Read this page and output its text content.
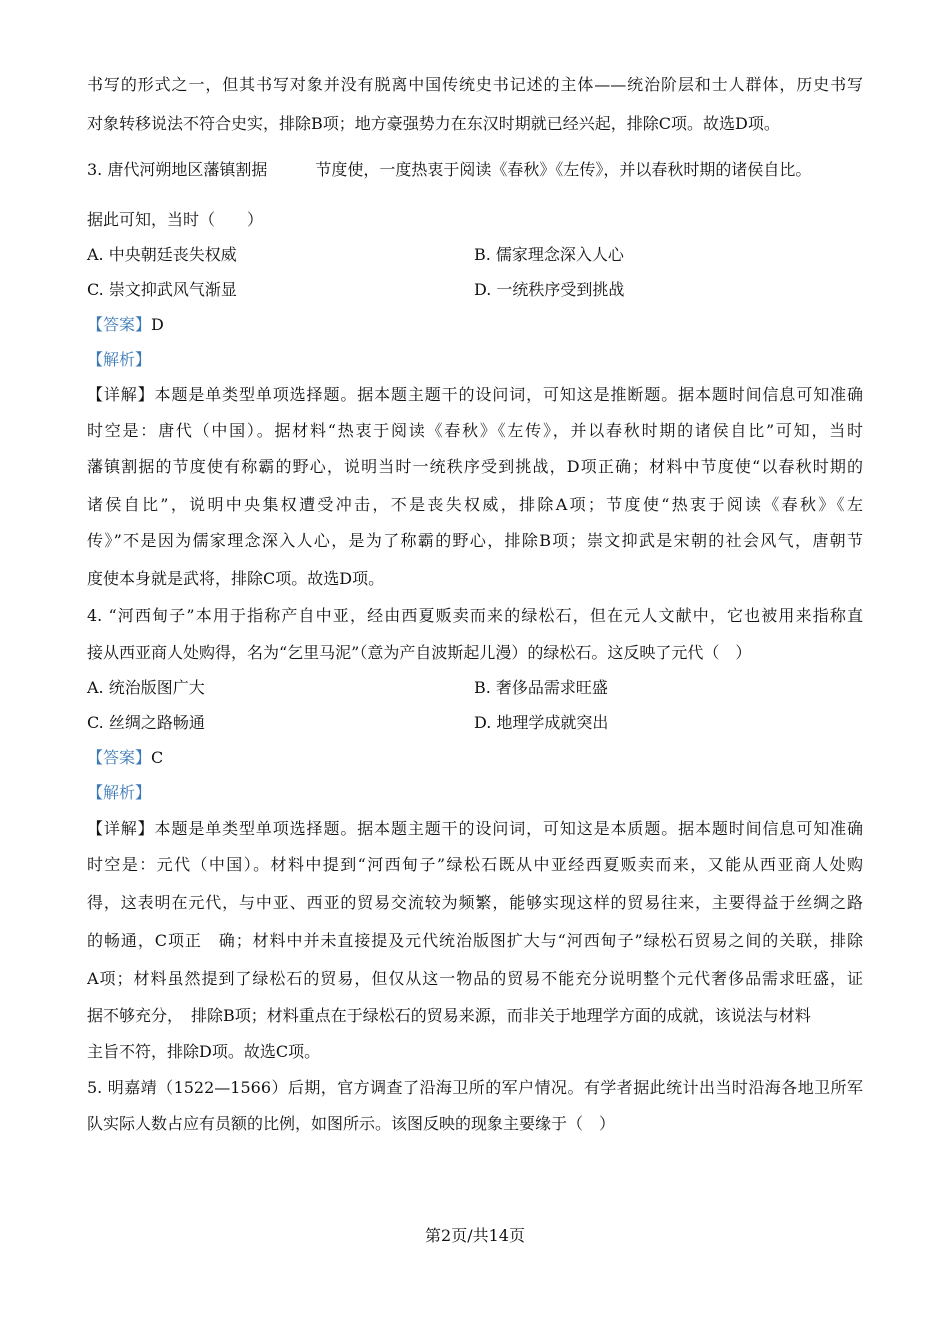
书写的形式之一，但其书写对象并没有脱离中国传统史书记述的主体——统治阶层和士人群体，历史书写
对象转移说法不符合史实，排除B项；地方豪强势力在东汉时期就已经兴起，排除C项。故选D项。
3. 唐代河朔地区藩镇割据　　　节度使，一度热衷于阅读《春秋》《左传》，并以春秋时期的诸侯自比。
据此可知，当时（　　）
A. 中央朝廷丧失权威	B. 儒家理念深入人心
C. 崇文抑武风气渐显	D. 一统秩序受到挑战
【答案】D
【解析】
【详解】本题是单类型单项选择题。据本题主题干的设问词，可知这是推断题。据本题时间信息可知准确
时空是：唐代（中国）。据材料“热衷于阅读《春秋》《左传》，并以春秋时期的诸侯自比”可知，当时
藩镇割据的节度使有称霸的野心，说明当时一统秩序受到挑战，D项正确；材料中节度使“以春秋时期的
诸侯自比”，说明中央集权遭受冲击，不是丧失权威，排除A项；节度使“热衷于阅读《春秋》《左
传》”不是因为儒家理念深入人心，是为了称霸的野心，排除B项；崇文抑武是宋朝的社会风气，唐朝节
度使本身就是武将，排除C项。故选D项。
4. “河西甸子”本用于指称产自中亚，经由西夏贩卖而来的绿松石，但在元人文献中，它也被用来指称直
接从西亚商人处购得，名为“乞里马泥”（意为产自波斯起儿漫）的绿松石。这反映了元代（　）
A. 统治版图广大	B. 奢侈品需求旺盛
C. 丝绸之路畅通	D. 地理学成就突出
【答案】C
【解析】
【详解】本题是单类型单项选择题。据本题主题干的设问词，可知这是本质题。据本题时间信息可知准确
时空是：元代（中国）。材料中提到“河西甸子”绿松石既从中亚经西夏贩卖而来，又能从西亚商人处购
得，这表明在元代，与中亚、西亚的贸易交流较为频繁，能够实现这样的贸易往来，主要得益于丝绸之路
的畅通，C项正　确；材料中并未直接提及元代统治版图扩大与“河西甸子”绿松石贸易之间的关联，排除
A项；材料虽然提到了绿松石的贸易，但仅从这一物品的贸易不能充分说明整个元代奢侈品需求旺盛，证
据不够充分，　排除B项；材料重点在于绿松石的贸易来源，而非关于地理学方面的成就，该说法与材料
主旨不符，排除D项。故选C项。
5. 明嘉靖（1522—1566）后期，官方调查了沿海卫所的军户情况。有学者据此统计出当时沿海各地卫所军
队实际人数占应有员额的比例，如图所示。该图反映的现象主要缘于（　）
第2页/共14页
